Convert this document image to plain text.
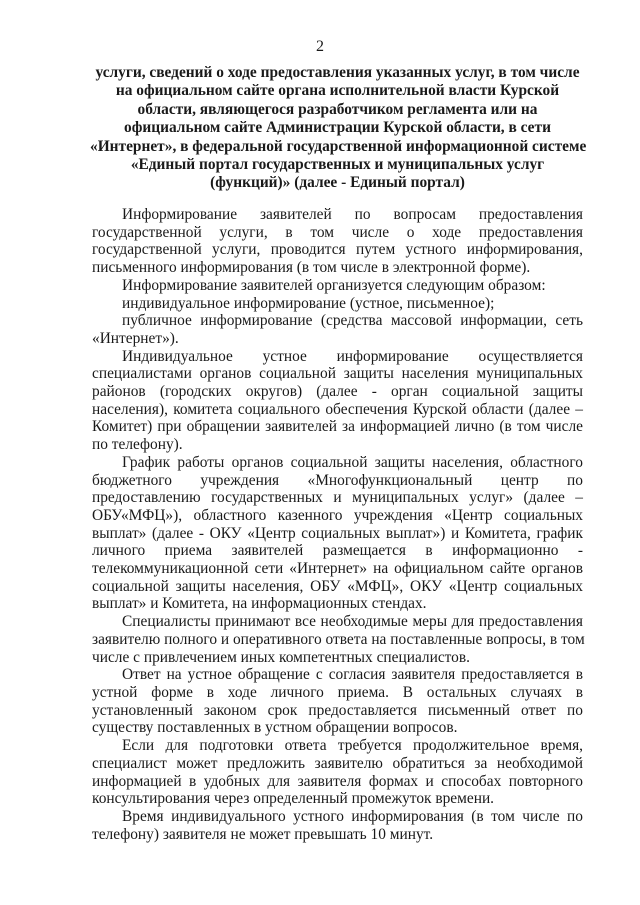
2
услуги, сведений о ходе предоставления указанных услуг, в том числе
на официальном сайте органа исполнительной власти Курской
области, являющегося разработчиком регламента или на
официальном сайте Администрации Курской области, в сети
«Интернет», в федеральной государственной информационной системе
«Единый портал государственных и муниципальных услуг
(функций)» (далее - Единый портал)

Информирование заявителей по вопросам предоставления
государственной услуги, в том числе о ходе предоставления
государственной услуги, проводится путем устного информирования,
письменного информирования (в том числе в электронной форме).

Информирование заявителей организуется следующим образом:

индивидуальное информирование (устное, письменное);

публичное информирование (средства массовой информации, сеть
«Интернет»).

Индивидуальное устное информирование осуществляется
специалистами органов социальной защиты населения муниципальных
районов (городских округов) (далее - орган социальной защиты
населения), комитета социального обеспечения Курской области (далее –
Комитет) при обращении заявителей за информацией лично (в том числе
по телефону).

График работы органов социальной защиты населения, областного
бюджетного учреждения «Многофункциональный центр по
предоставлению государственных и муниципальных услуг» (далее –
ОБУ«МФЦ»), областного казенного учреждения «Центр социальных
выплат» (далее - ОКУ «Центр социальных выплат») и Комитета, график
личного приема заявителей размещается в информационно -
телекоммуникационной сети «Интернет» на официальном сайте органов
социальной защиты населения, ОБУ «МФЦ», ОКУ «Центр социальных
выплат» и Комитета, на информационных стендах.

Специалисты принимают все необходимые меры для предоставления
заявителю полного и оперативного ответа на поставленные вопросы, в том
числе с привлечением иных компетентных специалистов.

Ответ на устное обращение с согласия заявителя предоставляется в
устной форме в ходе личного приема. В остальных случаях в
установленный законом срок предоставляется письменный ответ по
существу поставленных в устном обращении вопросов.

Если для подготовки ответа требуется продолжительное время,
специалист может предложить заявителю обратиться за необходимой
информацией в удобных для заявителя формах и способах повторного
консультирования через определенный промежуток времени.

Время индивидуального устного информирования (в том числе по
телефону) заявителя не может превышать 10 минут.
